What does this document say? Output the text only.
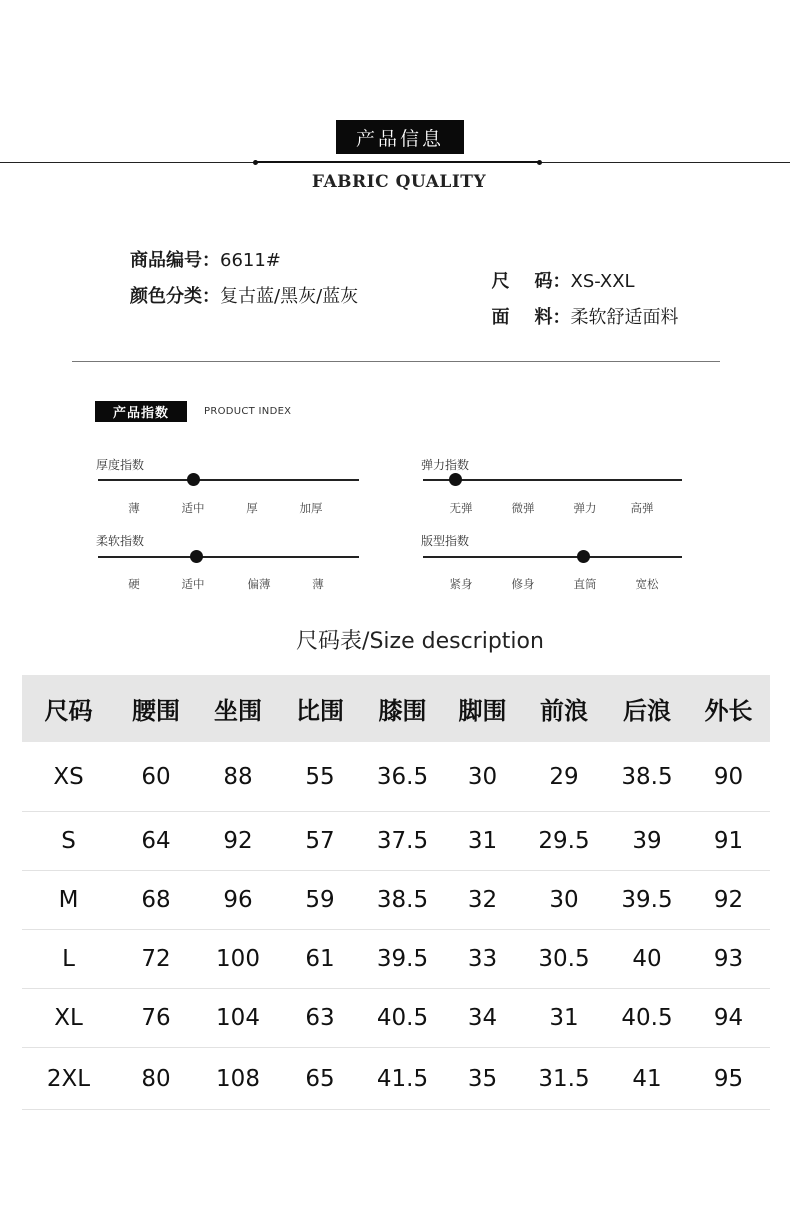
产品信息
FABRIC QUALITY
商品编号：6611#

尺    码：XS-XXL

颜色分类：复古蓝/黑灰/蓝灰

面    料：柔软舒适面料

产品指数	PRODUCT INDEX
厚度指数
薄	适中	厚	加厚
弹力指数
无弹	微弹	弹力	高弹
柔软指数
硬	适中	偏薄	薄
版型指数
紧身	修身	直筒	宽松
尺码表/Size description
尺码	腰围	坐围	比围	膝围	脚围	前浪	后浪	外长
XS	60	88	55	36.5	30	29	38.5	90
S	64	92	57	37.5	31	29.5	39	91
M	68	96	59	38.5	32	30	39.5	92
L	72	100	61	39.5	33	30.5	40	93
XL	76	104	63	40.5	34	31	40.5	94
2XL	80	108	65	41.5	35	31.5	41	95
